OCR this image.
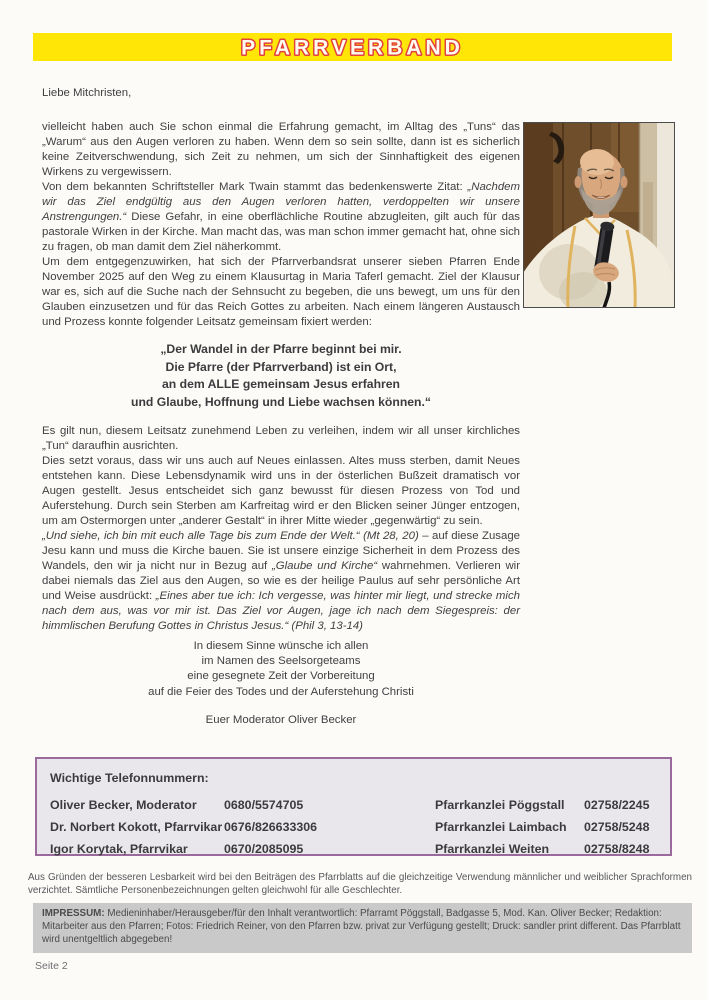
PFARRVERBAND

Liebe Mitchristen,

vielleicht haben auch Sie schon einmal die Erfahrung gemacht, im Alltag des „Tuns“ das „Warum“ aus den Augen verloren zu haben. Wenn dem so sein sollte, dann ist es sicherlich keine Zeitverschwendung, sich Zeit zu nehmen, um sich der Sinnhaftigkeit des eigenen Wirkens zu vergewissern.

Von dem bekannten Schriftsteller Mark Twain stammt das bedenkenswerte Zitat: „Nachdem wir das Ziel endgültig aus den Augen verloren hatten, verdoppelten wir unsere Anstrengungen.“ Diese Gefahr, in eine oberflächliche Routine abzugleiten, gilt auch für das pastorale Wirken in der Kirche. Man macht das, was man schon immer gemacht hat, ohne sich zu fragen, ob man damit dem Ziel näherkommt.

Um dem entgegenzuwirken, hat sich der Pfarrverbandsrat unserer sieben Pfarren Ende November 2025 auf den Weg zu einem Klausurtag in Maria Taferl gemacht. Ziel der Klausur war es, sich auf die Suche nach der Sehnsucht zu begeben, die uns bewegt, um uns für den Glauben einzusetzen und für das Reich Gottes zu arbeiten. Nach einem längeren Austausch und Prozess konnte folgender Leitsatz gemeinsam fixiert werden:

„Der Wandel in der Pfarre beginnt bei mir.
Die Pfarre (der Pfarrverband) ist ein Ort,
an dem ALLE gemeinsam Jesus erfahren
und Glaube, Hoffnung und Liebe wachsen können.“

Es gilt nun, diesem Leitsatz zunehmend Leben zu verleihen, indem wir all unser kirchliches „Tun“ daraufhin ausrichten.

Dies setzt voraus, dass wir uns auch auf Neues einlassen. Altes muss sterben, damit Neues entstehen kann. Diese Lebensdynamik wird uns in der österlichen Bußzeit dramatisch vor Augen gestellt. Jesus entscheidet sich ganz bewusst für diesen Prozess von Tod und Auferstehung. Durch sein Sterben am Karfreitag wird er den Blicken seiner Jünger entzogen, um am Ostermorgen unter „anderer Gestalt“ in ihrer Mitte wieder „gegenwärtig“ zu sein.

„Und siehe, ich bin mit euch alle Tage bis zum Ende der Welt.“ (Mt 28, 20) – auf diese Zusage Jesu kann und muss die Kirche bauen. Sie ist unsere einzige Sicherheit in dem Prozess des Wandels, den wir ja nicht nur in Bezug auf „Glaube und Kirche“ wahrnehmen. Verlieren wir dabei niemals das Ziel aus den Augen, so wie es der heilige Paulus auf sehr persönliche Art und Weise ausdrückt: „Eines aber tue ich: Ich vergesse, was hinter mir liegt, und strecke mich nach dem aus, was vor mir ist. Das Ziel vor Augen, jage ich nach dem Siegespreis: der himmlischen Berufung Gottes in Christus Jesus.“ (Phil 3, 13-14)

In diesem Sinne wünsche ich allen
im Namen des Seelsorgeteams
eine gesegnete Zeit der Vorbereitung
auf die Feier des Todes und der Auferstehung Christi
Euer Moderator Oliver Becker
Wichtige Telefonnummern:
Oliver Becker, Moderator	0680/5574705	Pfarrkanzlei Pöggstall	02758/2245
Dr. Norbert Kokott, Pfarrvikar 0676/826633306	Pfarrkanzlei Laimbach	02758/5248
Igor Korytak, Pfarrvikar	0670/2085095	Pfarrkanzlei Weiten	02758/8248

Aus Gründen der besseren Lesbarkeit wird bei den Beiträgen des Pfarrblatts auf die gleichzeitige Verwendung männlicher und weiblicher Sprachformen verzichtet. Sämtliche Personenbezeichnungen gelten gleichwohl für alle Geschlechter.

IMPRESSUM: Medieninhaber/Herausgeber/für den Inhalt verantwortlich: Pfarramt Pöggstall, Badgasse 5, Mod. Kan. Oliver Becker; Redaktion: Mitarbeiter aus den Pfarren; Fotos: Friedrich Reiner, von den Pfarren bzw. privat zur Verfügung gestellt; Druck: sandler print different. Das Pfarrblatt wird unentgeltlich abgegeben!
Seite 2
